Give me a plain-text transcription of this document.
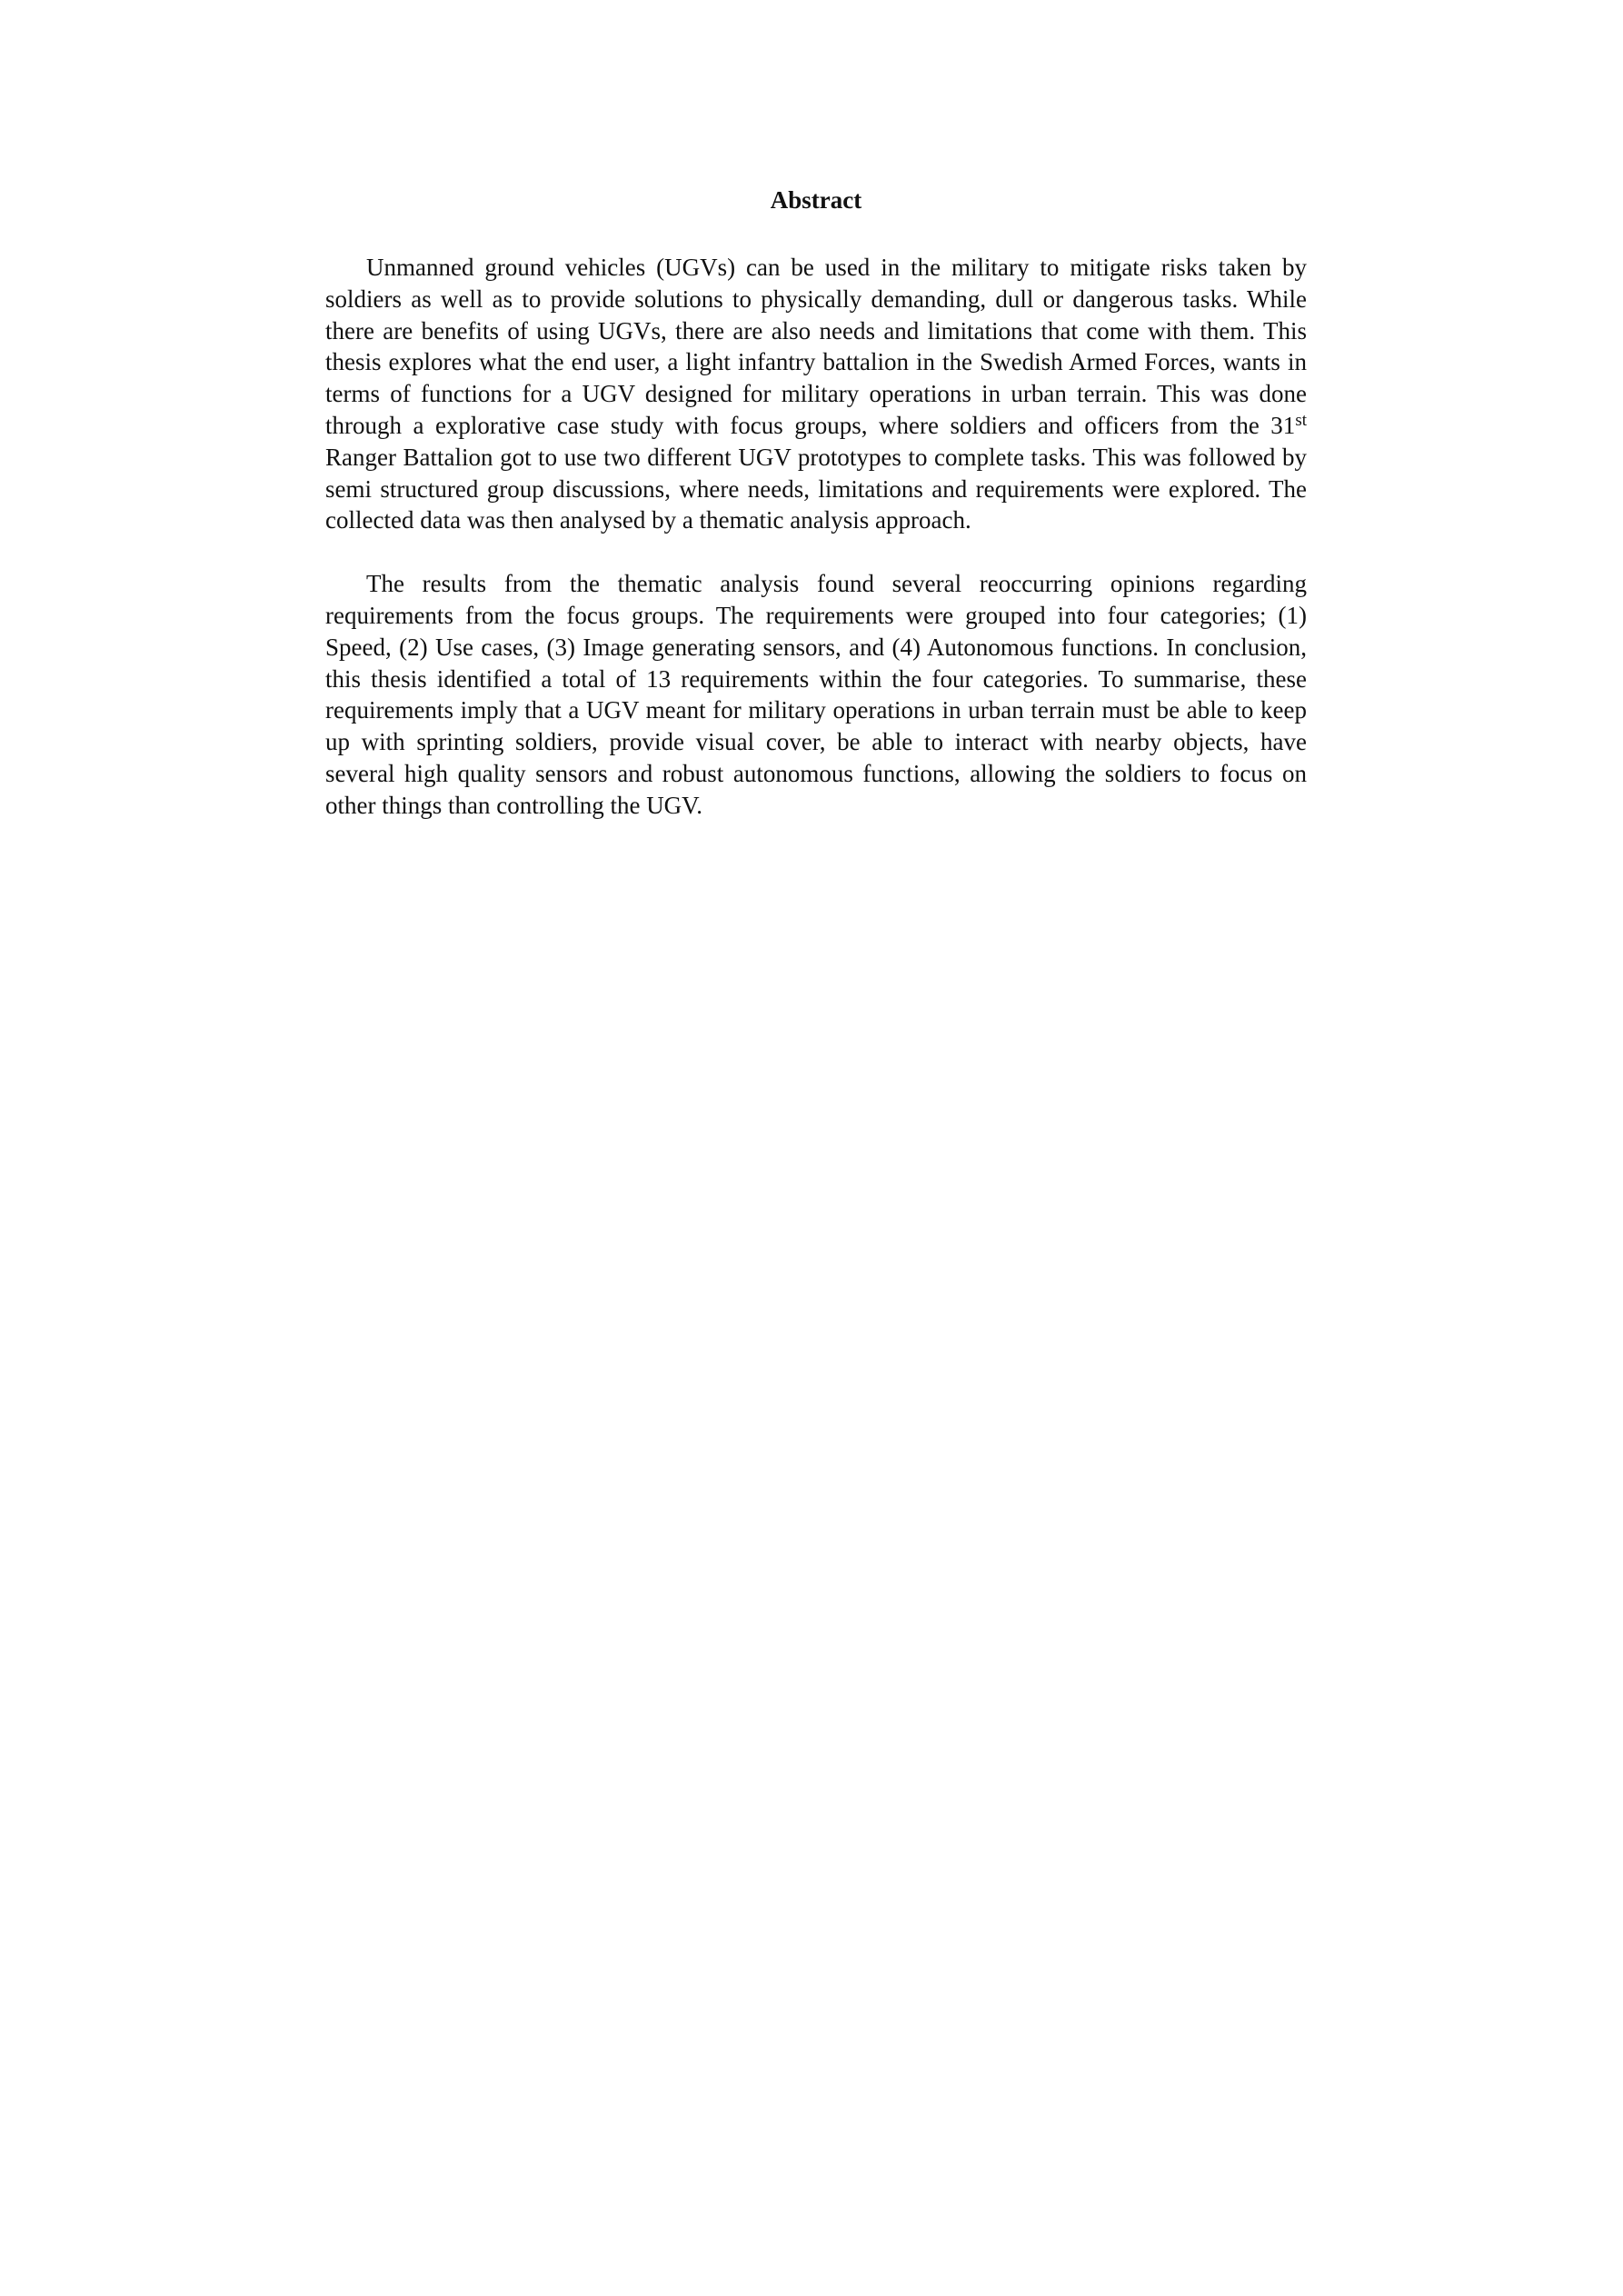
Abstract

Unmanned ground vehicles (UGVs) can be used in the military to mitigate risks taken by soldiers as well as to provide solutions to physically demanding, dull or dangerous tasks. While there are benefits of using UGVs, there are also needs and limitations that come with them. This thesis explores what the end user, a light infantry battalion in the Swedish Armed Forces, wants in terms of functions for a UGV designed for military operations in urban terrain. This was done through a explorative case study with focus groups, where soldiers and officers from the 31st Ranger Battalion got to use two different UGV prototypes to complete tasks. This was followed by semi structured group discussions, where needs, limitations and requirements were explored. The collected data was then analysed by a thematic analysis approach.

The results from the thematic analysis found several reoccurring opinions regarding requirements from the focus groups. The requirements were grouped into four categories; (1) Speed, (2) Use cases, (3) Image generating sensors, and (4) Autonomous functions. In conclusion, this thesis identified a total of 13 requirements within the four categories. To summarise, these requirements imply that a UGV meant for military operations in urban terrain must be able to keep up with sprinting soldiers, provide visual cover, be able to interact with nearby objects, have several high quality sensors and robust autonomous functions, allowing the soldiers to focus on other things than controlling the UGV.
